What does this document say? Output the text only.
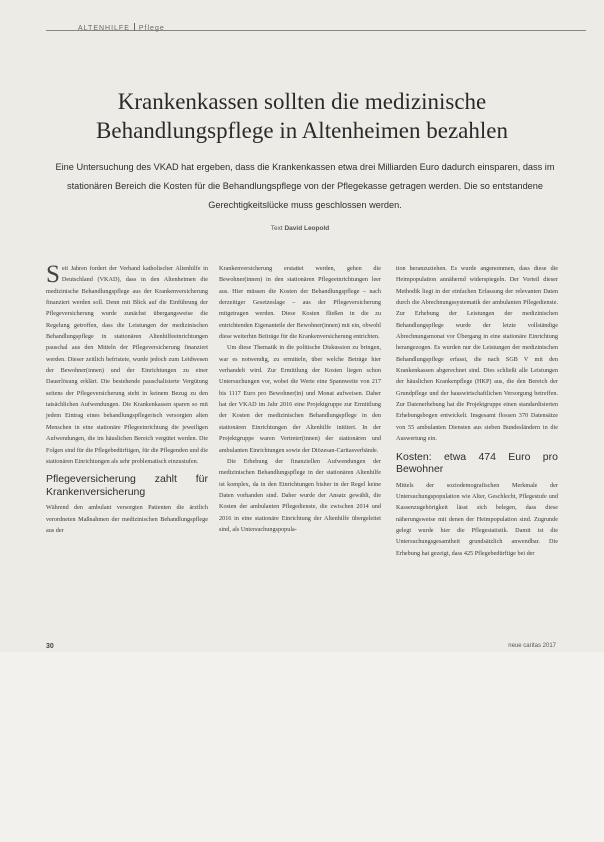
ALTENHILFE Pflege
Krankenkassen sollten die medizinische Behandlungspflege in Altenheimen bezahlen

Eine Untersuchung des VKAD hat ergeben, dass die Krankenkassen etwa drei Milliarden Euro dadurch einsparen, dass im stationären Bereich die Kosten für die Behandlungspflege von der Pflegekasse getragen werden. Die so entstandene Gerechtigkeitslücke muss geschlossen werden.

Text David Leopold

Seit Jahren fordert der Verband katholischer Altenhilfe in Deutschland (VKAD), dass in den Altenheimen die medizinische Behandlungspflege aus der Krankenversicherung finanziert werden soll. Denn mit Blick auf die Einführung der Pflegeversicherung wurde zunächst übergangsweise die Regelung getroffen, dass die Leistungen der medizinischen Behandlungspflege in stationären Altenhilfeeinrichtungen pauschal aus den Mitteln der Pflegeversicherung finanziert werden. Dieser zeitlich befristete, wurde jedoch zum Leidwesen der Bewohner(innen) und der Einrichtungen zu einer Dauerlösung erklärt. Die bestehende pauschalisierte Vergütung seitens der Pflegeversicherung steht in keinem Bezug zu den tatsächlichen Aufwendungen. Die Krankenkassen sparen so mit jedem Eintrag eines behandlungspflegerisch versorgten alten Menschen in eine stationäre Pflegeeinrichtung die jeweiligen Aufwendungen, die im häuslichen Bereich vergütet werden. Die Folgen sind für die Pflegebedürftigen, für die Pflegenden und die stationären Einrichtungen als sehr problematisch einzustufen.

Pflegeversicherung zahlt für Krankenversicherung

Während den ambulant versorgten Patienten die ärztlich verordneten Maßnahmen der medizinischen Behandlungspflege aus der

Krankenversicherung erstattet werden, gehen die Bewohner(innen) in den stationären Pflegeeinrichtungen leer aus. Hier müssen die Kosten der Behandlungspflege – nach derzeitiger Gesetzeslage – aus der Pflegeversicherung mitgetragen werden. Diese Kosten fließen in die zu entrichtenden Eigenanteile der Bewohner(innen) mit ein, obwohl diese weiterhin Beiträge für die Krankenversicherung entrichten.

Um diese Thematik in die politische Diskussion zu bringen, war es notwendig, zu ermitteln, über welche Beträge hier verhandelt wird. Zur Ermittlung der Kosten liegen schon Untersuchungen vor, wobei die Werte eine Spannweite von 217 bis 1117 Euro pro Bewohner(in) und Monat aufweisen. Daher hat der VKAD im Jahr 2016 eine Projektgruppe zur Ermittlung der Kosten der medizinischen Behandlungspflege in den stationären Einrichtungen der Altenhilfe initiiert. In der Projektgruppe waren Vertreter(innen) der stationären und ambulanten Einrichtungen sowie der Diözesan-Caritasverbände.

Die Erhebung der finanziellen Aufwendungen der medizinischen Behandlungspflege in der stationären Altenhilfe ist komplex, da in den Einrichtungen bisher in der Regel keine Daten vorhanden sind. Daher wurde der Ansatz gewählt, die Kosten der ambulanten Pflegedienste, die zwischen 2014 und 2016 in eine stationäre Einrichtung der Altenhilfe übergeleitet sind, als Untersuchungspopula-

tion heranzuziehen. Es wurde angenommen, dass diese die Heimpopulation annähernd widerspiegeln. Der Vorteil dieser Methodik liegt in der einfachen Erfassung der relevanten Daten durch die Abrechnungssystematik der ambulanten Pflegedienste. Zur Erhebung der Leistungen der medizinischen Behandlungspflege wurde der letzte vollständige Abrechnungsmonat vor Übergang in eine stationäre Einrichtung herangezogen. Es wurden nur die Leistungen der medizinischen Behandlungspflege erfasst, die nach SGB V mit den Krankenkassen abgerechnet sind. Dies schließt alle Leistungen der häuslichen Krankenpflege (HKP) aus, die den Bereich der Grundpflege und der hauswirtschaftlichen Versorgung betreffen. Zur Datenerhebung hat die Projektgruppe einen standardisierten Erhebungsbogen entwickelt. Insgesamt flossen 370 Datensätze von 55 ambulanten Diensten aus sieben Bundesländern in die Auswertung ein.

Kosten: etwa 474 Euro pro Bewohner

Mittels der soziodemografischen Merkmale der Untersuchungspopulation wie Alter, Geschlecht, Pflegestufe und Kassenzugehörigkeit lässt sich belegen, dass diese näherungsweise mit denen der Heimpopulation sind. Zugrunde gelegt wurde hier die Pflegestatistik. Damit ist die Untersuchungsgesamtheit grundsätzlich anwendbar. Die Erhebung hat gezeigt, dass 425 Pflegebedürftige bei der

30	neue caritas 2017
